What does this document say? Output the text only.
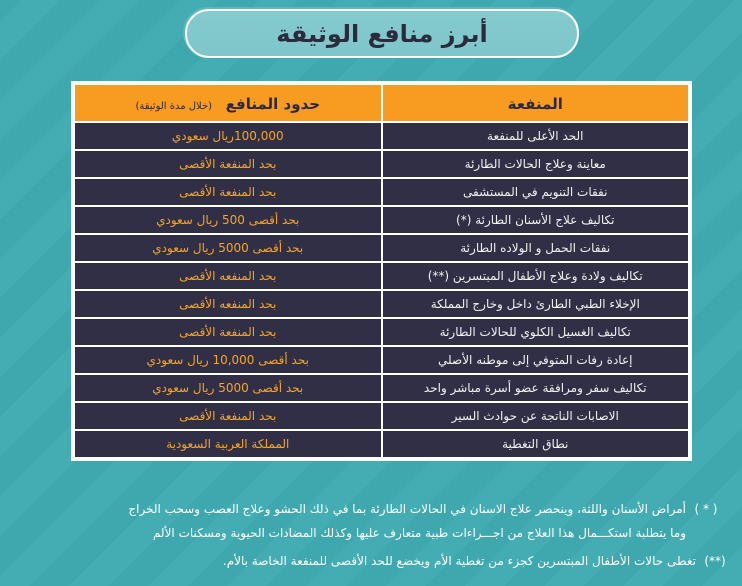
أبرز منافع الوثيقة
المنفعة	حدود المنافع (خلال مدة الوثيقة)
الحد الأعلى للمنفعة	100,000ريال سعودي
معاينة وعلاج الحالات الطارئة	بحد المنفعة الأقصى
نفقات التنويم في المستشفى	بحد المنفعة الأقصى
تكاليف علاج الأسنان الطارئة (*)	بحد أقصى 500 ريال سعودي
نفقات الحمل و الولاده الطارئة	بحد أقصى 5000 ريال سعودي
تكاليف ولادة وعلاج الأطفال المبتسرين (**)	بحد المنفعه الأقصى
الإخلاء الطبي الطارئ داخل وخارج المملكة	بحد المنفعه الأقصى
تكاليف الغسيل الكلوي للحالات الطارئة	بحد المنفعة الأقصى
إعادة رفات المتوفي إلى موطنه الأصلي	بحد أقصى 10,000 ريال سعودي
تكاليف سفر ومرافقة عضو أسرة مباشر واحد	بحد أقصى 5000 ريال سعودي
الاصابات الناتجة عن حوادث السير	بحد المنفعة الأقصى
نطاق التغطية	المملكة العربية السعودية
( * )
أمراض الأسنان واللثة، وينحصر علاج الاسنان في الحالات الطارئة بما في ذلك الحشو وعلاج العصب وسحب الخراج
وما يتطلبة استكـــمال هذا العلاج من اجـــراءات طبية متعارف عليها وكذلك المضادات الحيوية ومسكنات الألم
(**)
تغطى حالات الأطفال المبتسرين كجزء من تغطية الأم ويخضع للحد الأقصى للمنفعة الخاصة بالأم.
